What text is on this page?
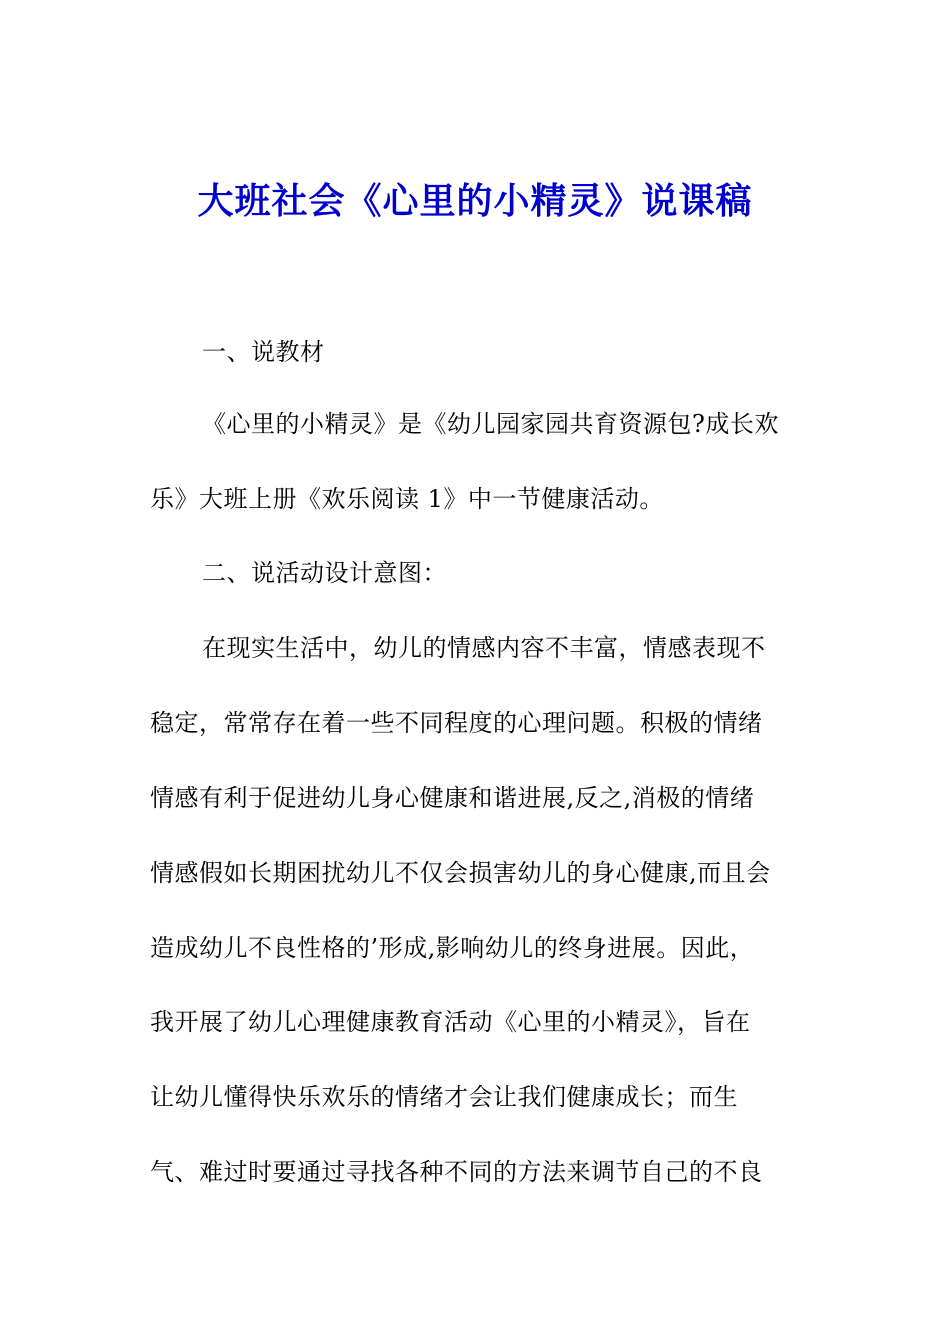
大班社会《心里的小精灵》说课稿
一、说教材
《心里的小精灵》是《幼儿园家园共育资源包?成长欢
乐》大班上册《欢乐阅读 1》中一节健康活动。
二、说活动设计意图：
在现实生活中，幼儿的情感内容不丰富，情感表现不
稳定，常常存在着一些不同程度的心理问题。积极的情绪
情感有利于促进幼儿身心健康和谐进展,反之,消极的情绪
情感假如长期困扰幼儿不仅会损害幼儿的身心健康,而且会
造成幼儿不良性格的’形成,影响幼儿的终身进展。因此，
我开展了幼儿心理健康教育活动《心里的小精灵》，旨在
让幼儿懂得快乐欢乐的情绪才会让我们健康成长；而生
气、难过时要通过寻找各种不同的方法来调节自己的不良
